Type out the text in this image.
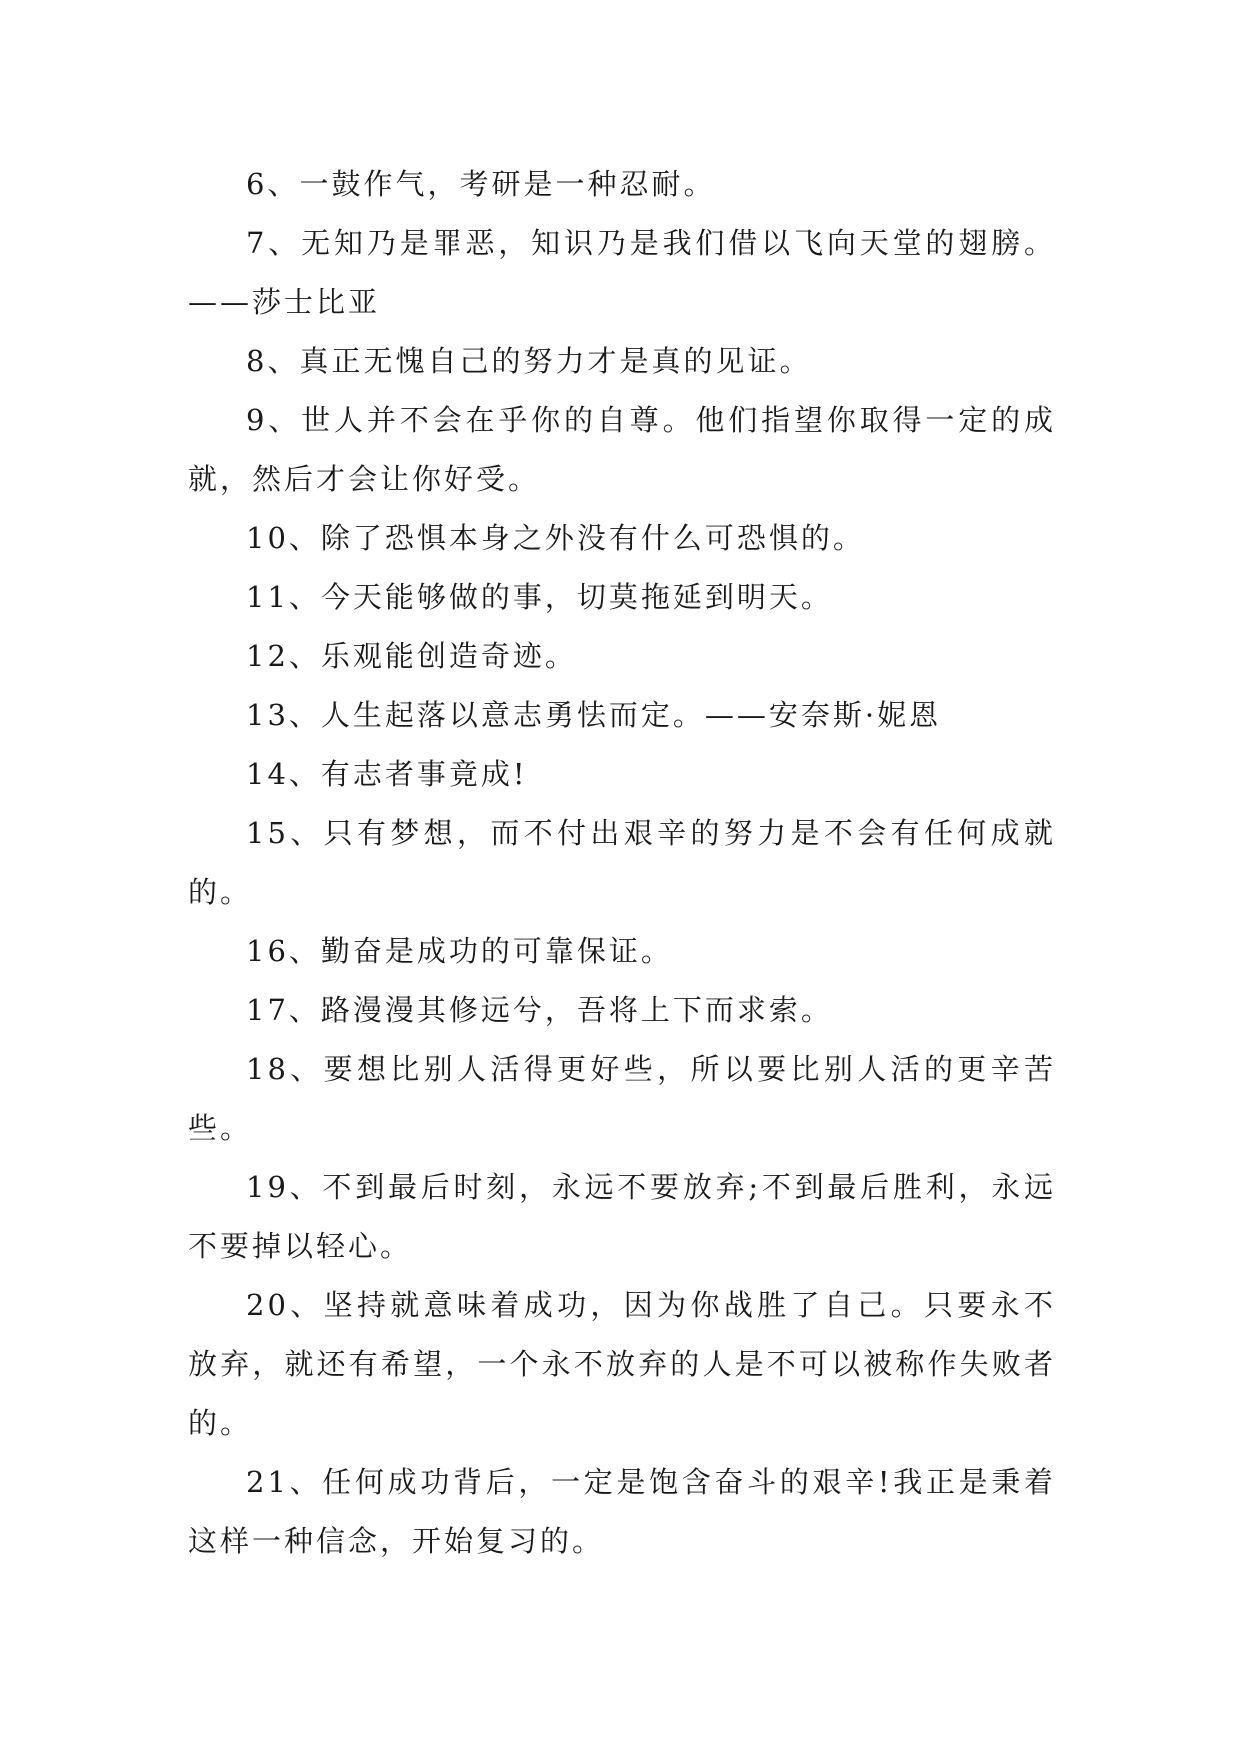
6、一鼓作气，考研是一种忍耐。

7、无知乃是罪恶，知识乃是我们借以飞向天堂的翅膀。——莎士比亚

8、真正无愧自己的努力才是真的见证。

9、世人并不会在乎你的自尊。他们指望你取得一定的成就，然后才会让你好受。

10、除了恐惧本身之外没有什么可恐惧的。

11、今天能够做的事，切莫拖延到明天。

12、乐观能创造奇迹。

13、人生起落以意志勇怯而定。——安奈斯·妮恩

14、有志者事竟成!

15、只有梦想，而不付出艰辛的努力是不会有任何成就的。

16、勤奋是成功的可靠保证。

17、路漫漫其修远兮，吾将上下而求索。

18、要想比别人活得更好些，所以要比别人活的更辛苦些。

19、不到最后时刻，永远不要放弃;不到最后胜利，永远不要掉以轻心。

20、坚持就意味着成功，因为你战胜了自己。只要永不放弃，就还有希望，一个永不放弃的人是不可以被称作失败者的。

21、任何成功背后，一定是饱含奋斗的艰辛!我正是秉着这样一种信念，开始复习的。
